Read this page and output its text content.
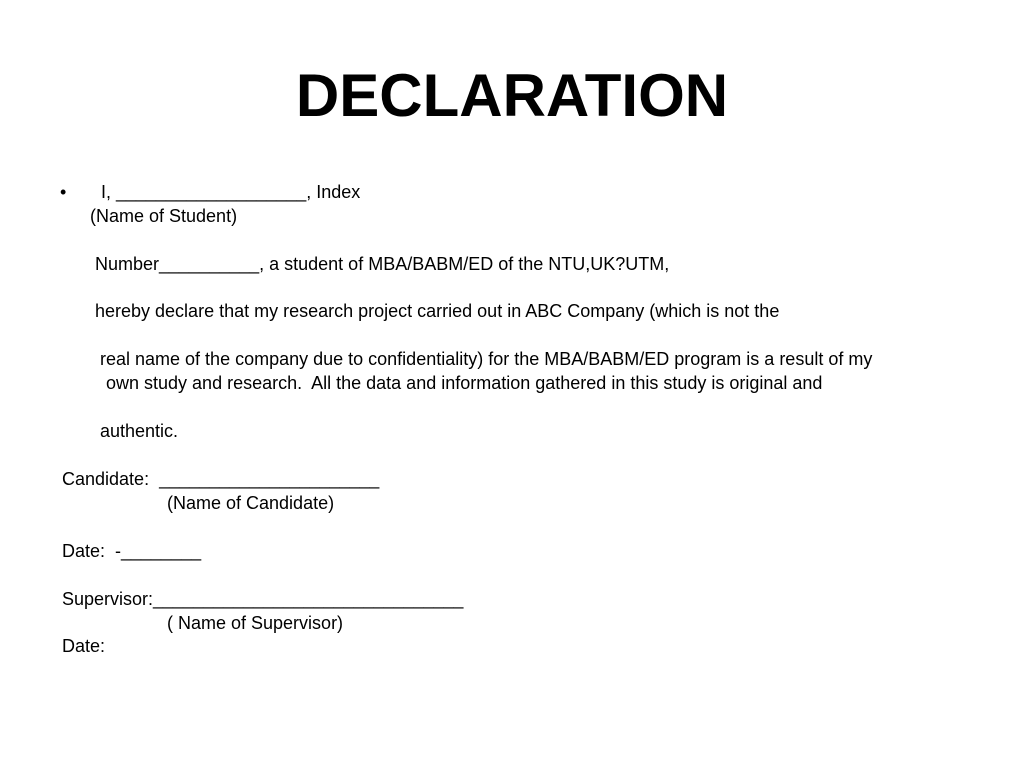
DECLARATION
• I, ___________________, Index
(Name of Student)
Number__________, a student of MBA/BABM/ED of the NTU,UK?UTM,
hereby declare that my research project carried out in ABC Company (which is not the
real name of the company due to confidentiality) for the MBA/BABM/ED program is a result of my
own study and research.  All the data and information gathered in this study is original and
authentic.
Candidate:  ______________________
(Name of Candidate)
Date:  -________
Supervisor:_______________________________
( Name of Supervisor)
Date:
